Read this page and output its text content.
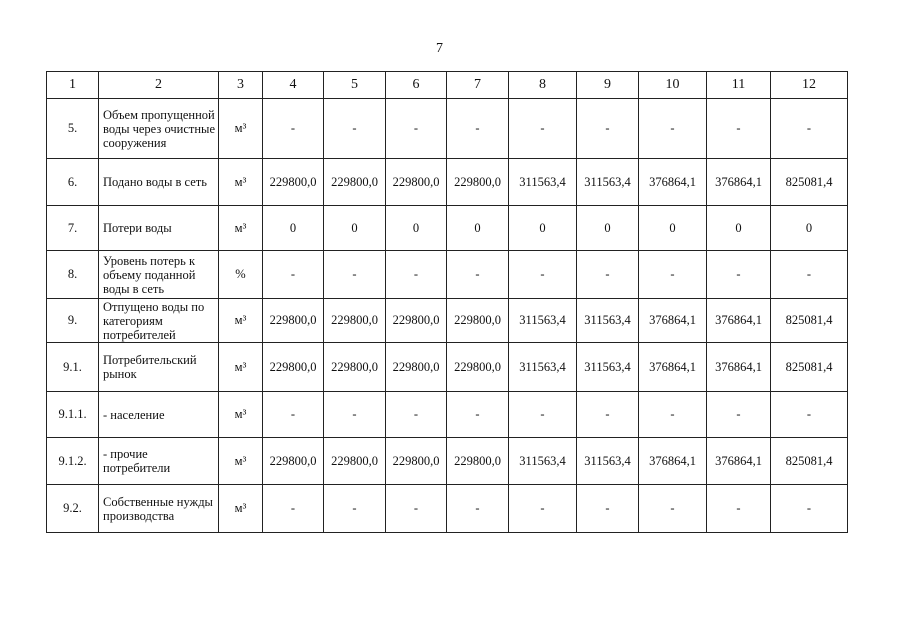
7
1	2	3	4	5	6	7	8	9	10	11	12
5.	Объем пропущенной воды через очистные сооружения	м³	-	-	-	-	-	-	-	-	-
6.	Подано воды в сеть	м³	229800,0	229800,0	229800,0	229800,0	311563,4	311563,4	376864,1	376864,1	825081,4
7.	Потери воды	м³	0	0	0	0	0	0	0	0	0
8.	Уровень потерь к объему поданной воды в сеть	%	-	-	-	-	-	-	-	-	-
9.	Отпущено воды по категориям потребителей	м³	229800,0	229800,0	229800,0	229800,0	311563,4	311563,4	376864,1	376864,1	825081,4
9.1.	Потребительский рынок	м³	229800,0	229800,0	229800,0	229800,0	311563,4	311563,4	376864,1	376864,1	825081,4
9.1.1.	- население	м³	-	-	-	-	-	-	-	-	-
9.1.2.	- прочие потребители	м³	229800,0	229800,0	229800,0	229800,0	311563,4	311563,4	376864,1	376864,1	825081,4
9.2.	Собственные нужды производства	м³	-	-	-	-	-	-	-	-	-
